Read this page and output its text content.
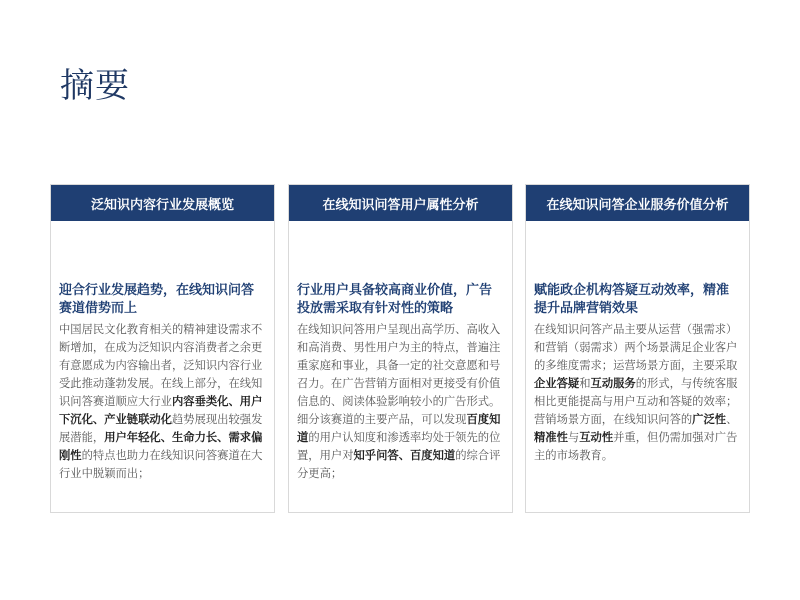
摘要
泛知识内容行业发展概览
迎合行业发展趋势，在线知识问答赛道借势而上
中国居民文化教育相关的精神建设需求不断增加，在成为泛知识内容消费者之余更有意愿成为内容输出者，泛知识内容行业受此推动蓬勃发展。在线上部分，在线知识问答赛道顺应大行业内容垂类化、用户下沉化、产业链联动化趋势展现出较强发展潜能，用户年轻化、生命力长、需求偏刚性的特点也助力在线知识问答赛道在大行业中脱颖而出；
在线知识问答用户属性分析
行业用户具备较高商业价值，广告投放需采取有针对性的策略
在线知识问答用户呈现出高学历、高收入和高消费、男性用户为主的特点，普遍注重家庭和事业，具备一定的社交意愿和号召力。在广告营销方面相对更接受有价值信息的、阅读体验影响较小的广告形式。细分该赛道的主要产品，可以发现百度知道的用户认知度和渗透率均处于领先的位置，用户对知乎问答、百度知道的综合评分更高；
在线知识问答企业服务价值分析
赋能政企机构答疑互动效率，精准提升品牌营销效果
在线知识问答产品主要从运营（强需求）和营销（弱需求）两个场景满足企业客户的多维度需求；运营场景方面，主要采取企业答疑和互动服务的形式，与传统客服相比更能提高与用户互动和答疑的效率；营销场景方面，在线知识问答的广泛性、精准性与互动性并重，但仍需加强对广告主的市场教育。
